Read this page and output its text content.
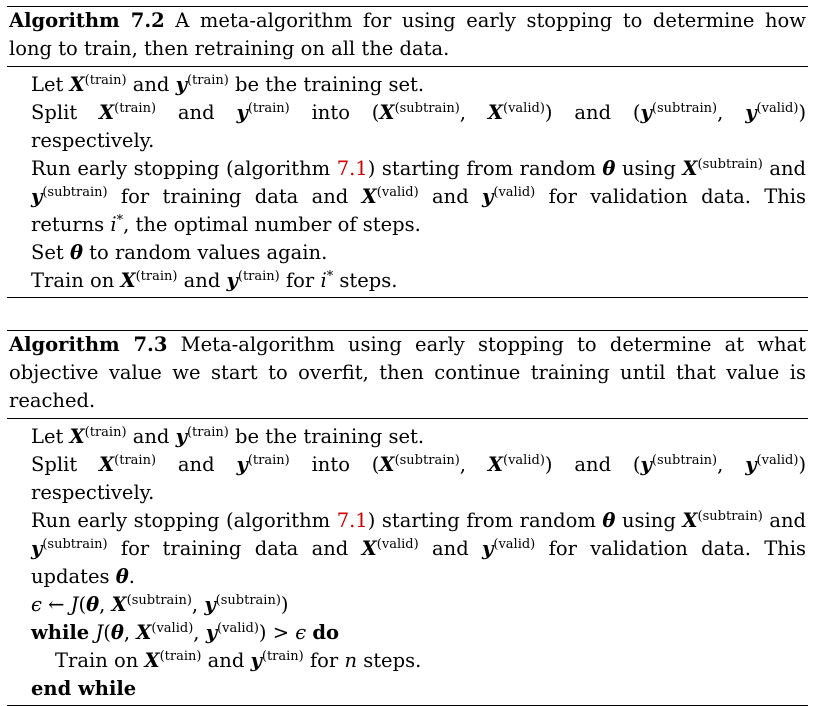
Algorithm 7.2 A meta-algorithm for using early stopping to determine how long to train, then retraining on all the data.
Let $X^{(train)}$ and $y^{(train)}$ be the training set.
Split $X^{(train)}$ and $y^{(train)}$ into ($X^{(subtrain)}$, $X^{(valid)}$) and ($y^{(subtrain)}$, $y^{(valid)}$)
respectively.
Run early stopping (algorithm 7.1) starting from random θ using $X^{(subtrain)}$ and
$y^{(subtrain)}$ for training data and $X^{(valid)}$ and $y^{(valid)}$ for validation data. This
returns i*, the optimal number of steps.
Set θ to random values again.
Train on $X^{(train)}$ and $y^{(train)}$ for i* steps.
Algorithm 7.3 Meta-algorithm using early stopping to determine at what objective value we start to overfit, then continue training until that value is reached.
Let $X^{(train)}$ and $y^{(train)}$ be the training set.
Split $X^{(train)}$ and $y^{(train)}$ into ($X^{(subtrain)}$, $X^{(valid)}$) and ($y^{(subtrain)}$, $y^{(valid)}$)
respectively.
Run early stopping (algorithm 7.1) starting from random θ using $X^{(subtrain)}$ and
$y^{(subtrain)}$ for training data and $X^{(valid)}$ and $y^{(valid)}$ for validation data. This
updates θ.
ϵ ← J(θ, $X^{(subtrain)}$, $y^{(subtrain)}$)
while J(θ, $X^{(valid)}$, $y^{(valid)}) > \epsilon$ do
Train on $X^{(train)}$ and $y^{(train)}$ for n steps.
end while
